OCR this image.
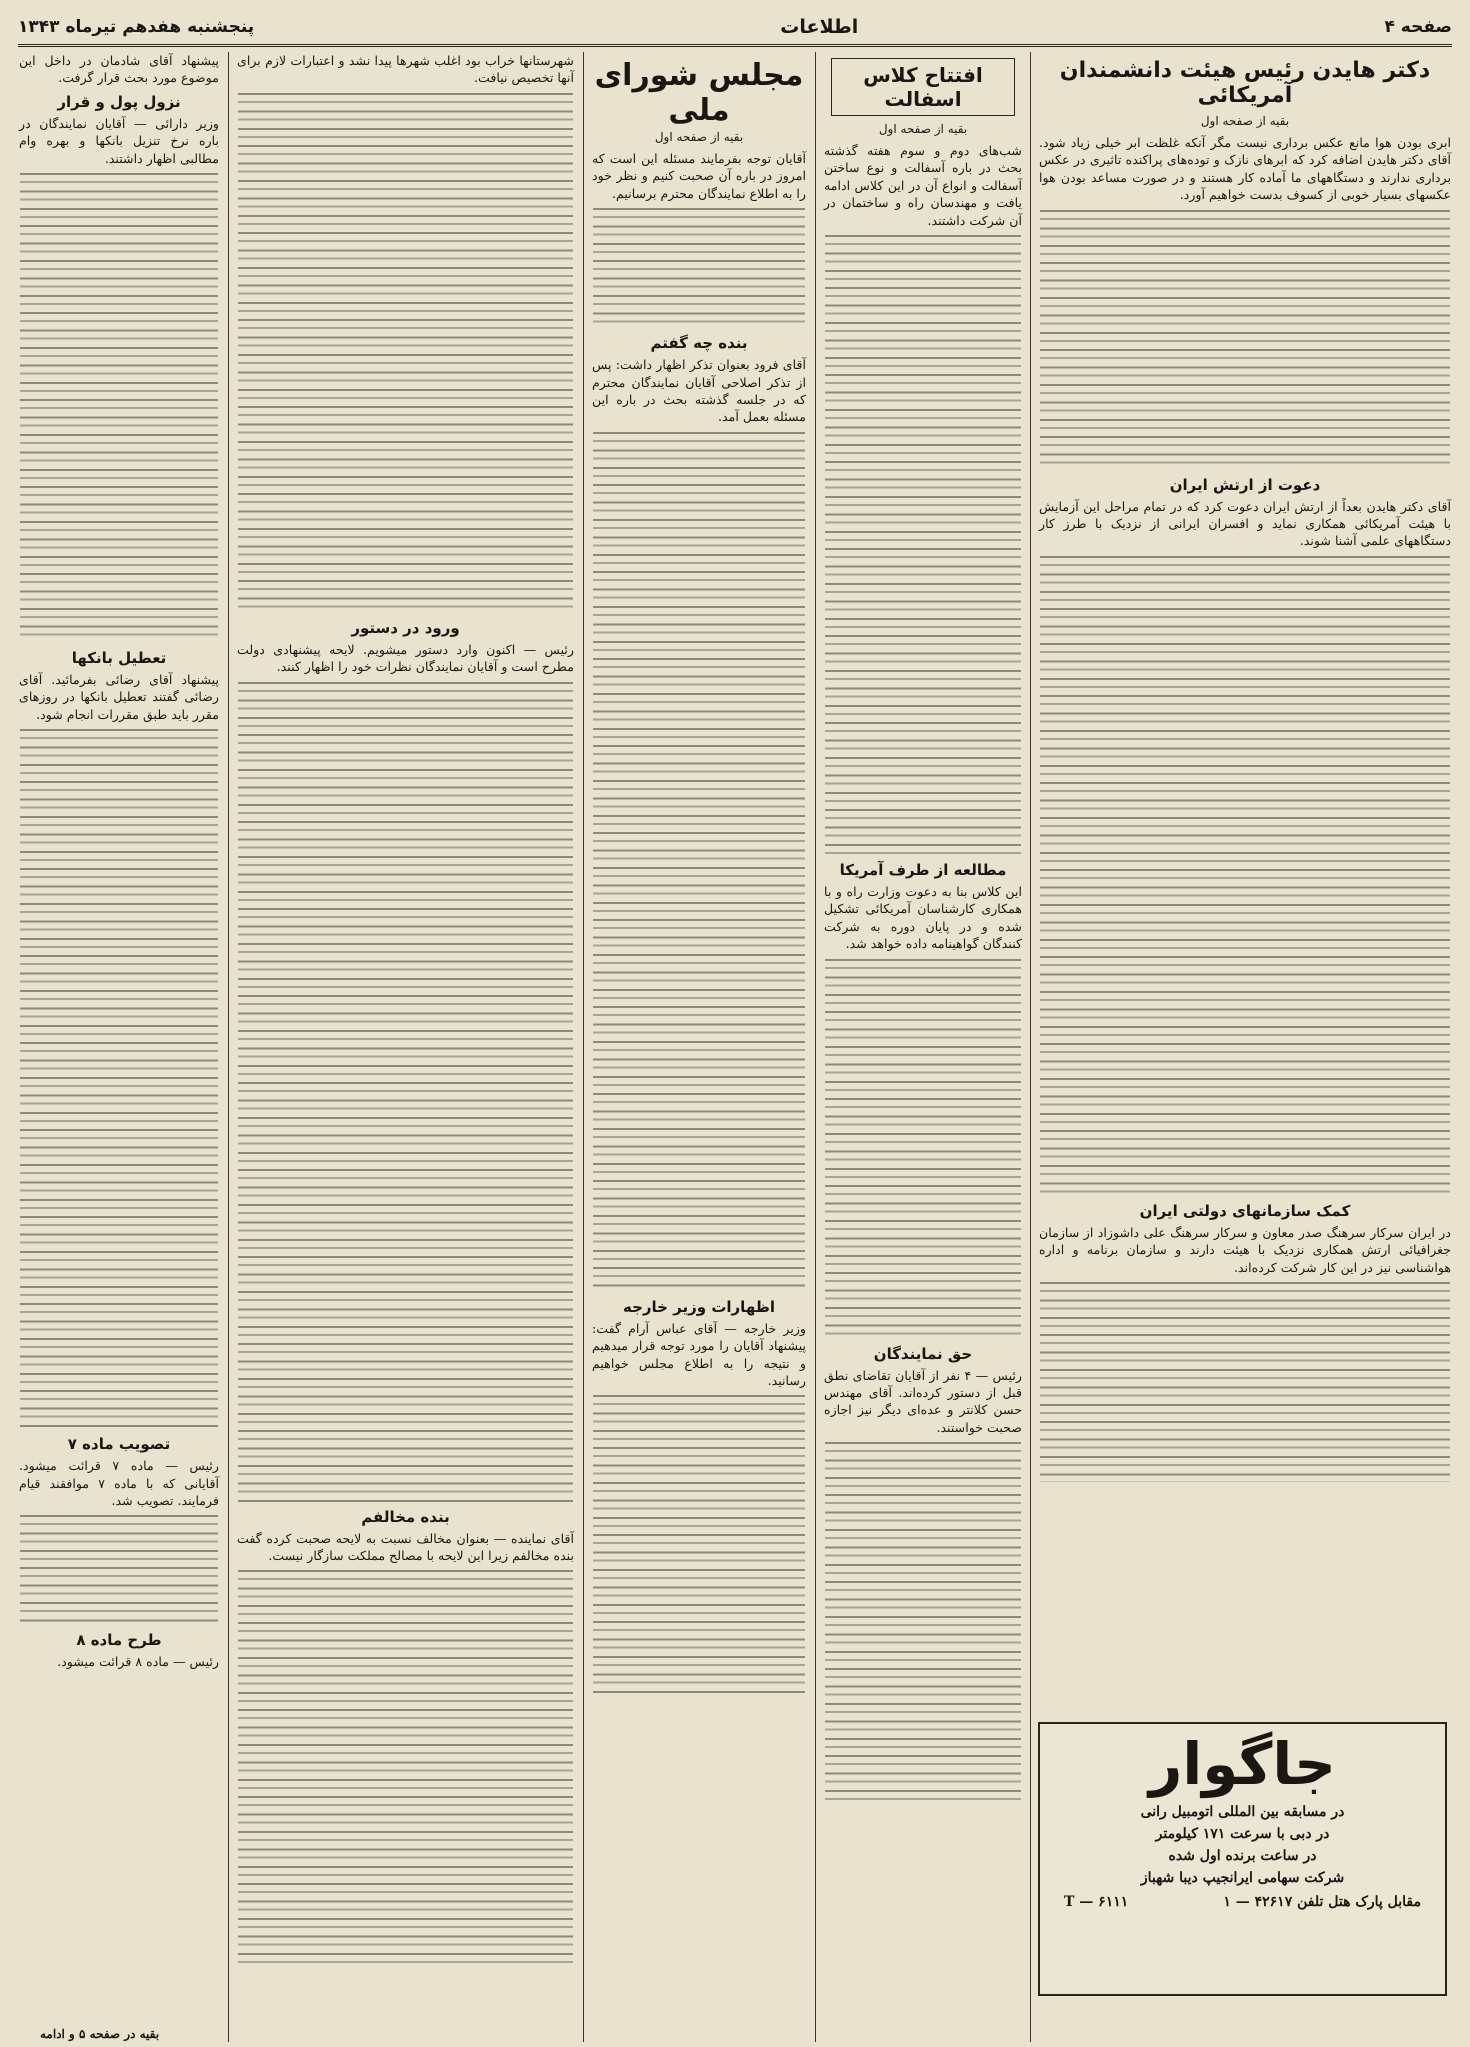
صفحه ۴
اطلاعات
پنجشنبه هفدهم تیرماه ۱۳۴۳
دکتر هایدن رئیس هیئت دانشمندان آمریکائی
بقیه از صفحه اول

ابری بودن هوا مانع عکس برداری نیست مگر آنکه غلظت ابر خیلی زیاد شود. آقای دکتر هایدن اضافه کرد که ابرهای نازک و توده‌های پراکنده تاثیری در عکس برداری ندارند و دستگاههای ما آماده کار هستند و در صورت مساعد بودن هوا عکسهای بسیار خوبی از کسوف بدست خواهیم آورد.

دعوت از ارتش ایران

آقای دکتر هایدن بعداً از ارتش ایران دعوت کرد که در تمام مراحل این آزمایش با هیئت آمریکائی همکاری نماید و افسران ایرانی از نزدیک با طرز کار دستگاههای علمی آشنا شوند.

کمک سازمانهای دولتی ایران

در ایران سرکار سرهنگ صدر معاون و سرکار سرهنگ علی داشوزاد از سازمان جغرافیائی ارتش همکاری نزدیک با هیئت دارند و سازمان برنامه و اداره هواشناسی نیز در این کار شرکت کرده‌اند.

جاگوار
در مسابقه بین المللی اتومبیل رانی
در دبی با سرعت ۱۷۱ کیلومتر
در ساعت برنده اول شده
شرکت سهامی ایرانجیپ دیبا شهباز
مقابل پارک هتل تلفن ۴۲۶۱۷ — ۱
۶۱۱۱ — T
افتتاح کلاس اسفالت
بقیه از صفحه اول

شب‌های دوم و سوم هفته گذشته بحث در باره آسفالت و نوع ساختن آسفالت و انواع آن در این کلاس ادامه یافت و مهندسان راه و ساختمان در آن شرکت داشتند.

مطالعه از طرف آمریکا

این کلاس بنا به دعوت وزارت راه و با همکاری کارشناسان آمریکائی تشکیل شده و در پایان دوره به شرکت کنندگان گواهینامه داده خواهد شد.

حق نمایندگان

رئیس — ۴ نفر از آقایان تقاضای نطق قبل از دستور کرده‌اند. آقای مهندس حسن کلانتر و عده‌ای دیگر نیز اجازه صحبت خواستند.

مجلس شورای ملی
بقیه از صفحه اول

آقایان توجه بفرمایند مسئله این است که امروز در باره آن صحبت کنیم و نظر خود را به اطلاع نمایندگان محترم برسانیم.

بنده چه گفتم

آقای فرود بعنوان تذکر اظهار داشت: پس از تذکر اصلاحی آقایان نمایندگان محترم که در جلسه گذشته بحث در باره این مسئله بعمل آمد.

اظهارات وزیر خارجه

وزیر خارجه — آقای عباس آرام گفت: پیشنهاد آقایان را مورد توجه قرار میدهیم و نتیجه را به اطلاع مجلس خواهیم رسانید.

شهرستانها خراب بود اغلب شهرها پیدا نشد و اعتبارات لازم برای آنها تخصیص نیافت.

ورود در دستور

رئیس — اکنون وارد دستور میشویم. لایحه پیشنهادی دولت مطرح است و آقایان نمایندگان نظرات خود را اظهار کنند.

بنده مخالفم

آقای نماینده — بعنوان مخالف نسبت به لایحه صحبت کرده گفت بنده مخالفم زیرا این لایحه با مصالح مملکت سازگار نیست.

پیشنهاد آقای شادمان در داخل این موضوع مورد بحث قرار گرفت.

نزول پول و قرار

وزیر دارائی — آقایان نمایندگان در باره نرخ تنزیل بانکها و بهره وام مطالبی اظهار داشتند.

تعطیل بانکها

پیشنهاد آقای رضائی بفرمائید. آقای رضائی گفتند تعطیل بانکها در روزهای مقرر باید طبق مقررات انجام شود.

تصویب ماده ۷

رئیس — ماده ۷ قرائت میشود. آقایانی که با ماده ۷ موافقند قیام فرمایند. تصویب شد.

طرح ماده ۸

رئیس — ماده ۸ قرائت میشود.

بقیه در صفحه ۵ و ادامه
